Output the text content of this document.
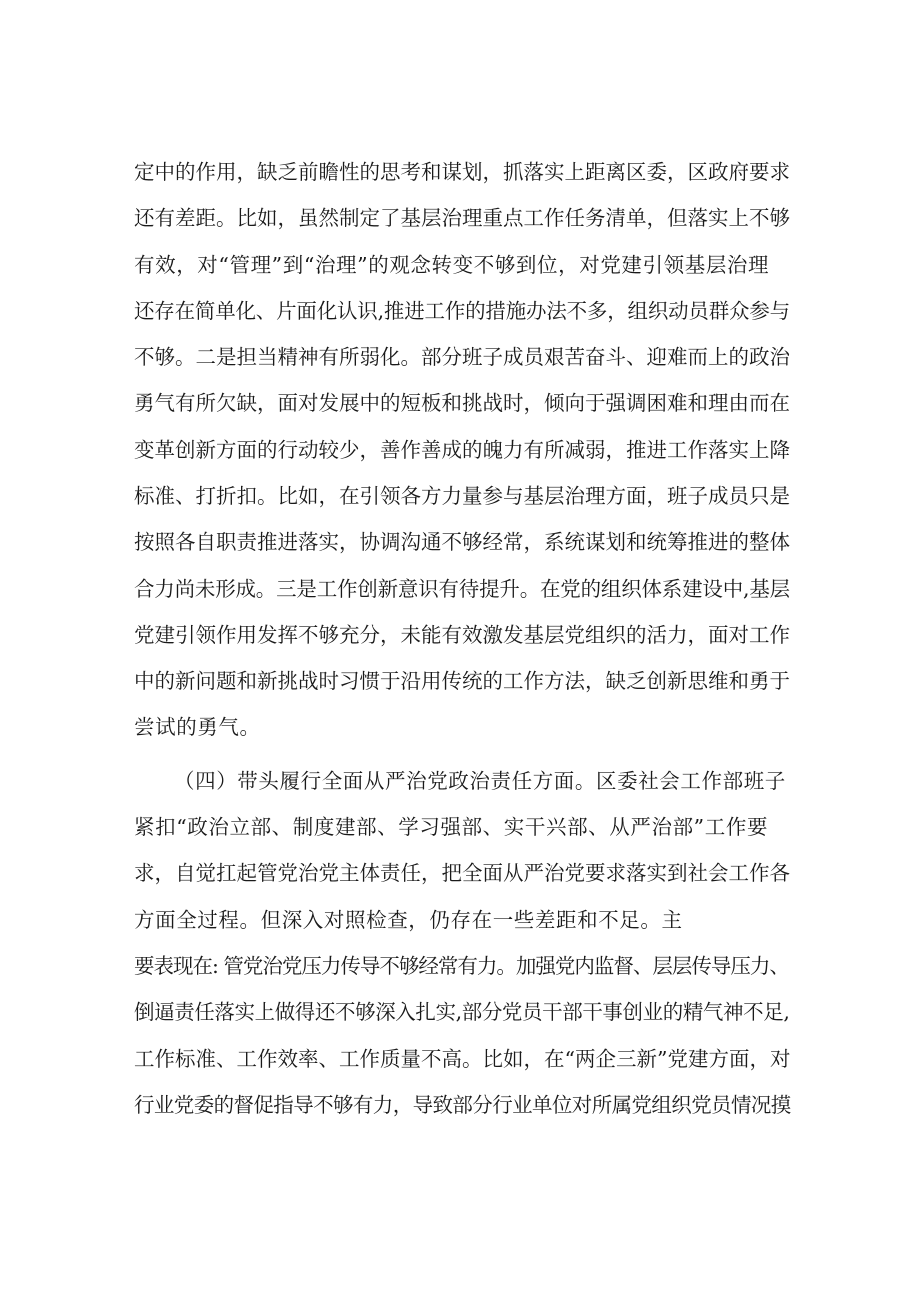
定中的作用，缺乏前瞻性的思考和谋划，抓落实上距离区委，区政府要求
还有差距。比如，虽然制定了基层治理重点工作任务清单，但落实上不够
有效，对“管理”到“治理”的观念转变不够到位，对党建引领基层治理
还存在简单化、片面化认识,推进工作的措施办法不多，组织动员群众参与
不够。二是担当精神有所弱化。部分班子成员艰苦奋斗、迎难而上的政治
勇气有所欠缺，面对发展中的短板和挑战时，倾向于强调困难和理由而在
变革创新方面的行动较少，善作善成的魄力有所减弱，推进工作落实上降
标准、打折扣。比如，在引领各方力量参与基层治理方面，班子成员只是
按照各自职责推进落实，协调沟通不够经常，系统谋划和统筹推进的整体
合力尚未形成。三是工作创新意识有待提升。在党的组织体系建设中,基层
党建引领作用发挥不够充分，未能有效激发基层党组织的活力，面对工作
中的新问题和新挑战时习惯于沿用传统的工作方法，缺乏创新思维和勇于
尝试的勇气。
（四）带头履行全面从严治党政治责任方面。区委社会工作部班子
紧扣“政治立部、制度建部、学习强部、实干兴部、从严治部”工作要
求，自觉扛起管党治党主体责任，把全面从严治党要求落实到社会工作各
方面全过程。但深入对照检查，仍存在一些差距和不足。主
要表现在: 管党治党压力传导不够经常有力。加强党内监督、层层传导压力、
倒逼责任落实上做得还不够深入扎实,部分党员干部干事创业的精气神不足,
工作标准、工作效率、工作质量不高。比如，在“两企三新”党建方面，对
行业党委的督促指导不够有力，导致部分行业单位对所属党组织党员情况摸
